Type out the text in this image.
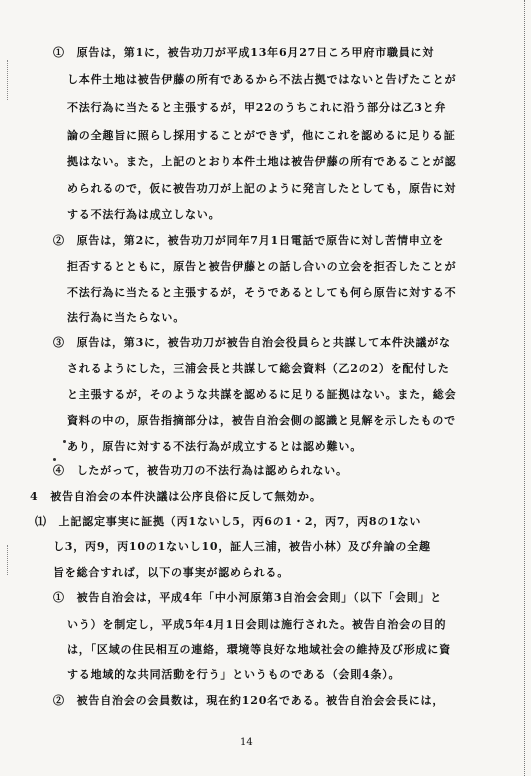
①　原告は，第1に，被告功刀が平成13年6月27日ころ甲府市職員に対
し本件土地は被告伊藤の所有であるから不法占拠ではないと告げたことが
不法行為に当たると主張するが，甲22のうちこれに沿う部分は乙3と弁
論の全趣旨に照らし採用することができず，他にこれを認めるに足りる証
拠はない。また，上記のとおり本件土地は被告伊藤の所有であることが認
められるので，仮に被告功刀が上記のように発言したとしても，原告に対
する不法行為は成立しない。
②　原告は，第2に，被告功刀が同年7月1日電話で原告に対し苦情申立を
拒否するとともに，原告と被告伊藤との話し合いの立会を拒否したことが
不法行為に当たると主張するが，そうであるとしても何ら原告に対する不
法行為に当たらない。
③　原告は，第3に，被告功刀が被告自治会役員らと共謀して本件決議がな
されるようにした，三浦会長と共謀して総会資料（乙2の2）を配付した
と主張するが，そのような共謀を認めるに足りる証拠はない。また，総会
資料の中の，原告指摘部分は，被告自治会側の認識と見解を示したもので
あり，原告に対する不法行為が成立するとは認め難い。
④　したがって，被告功刀の不法行為は認められない。
4　被告自治会の本件決議は公序良俗に反して無効か。
⑴　上記認定事実に証拠（丙1ないし5，丙6の1・2，丙7，丙8の1ない
し3，丙9，丙10の1ないし10，証人三浦，被告小林）及び弁論の全趣
旨を総合すれば，以下の事実が認められる。
①　被告自治会は，平成4年「中小河原第3自治会会則」（以下「会則」と
いう）を制定し，平成5年4月1日会則は施行された。被告自治会の目的
は，「区域の住民相互の連絡，環境等良好な地域社会の維持及び形成に資
する地域的な共同活動を行う」というものである（会則4条）。
②　被告自治会の会員数は，現在約120名である。被告自治会会長には，
14
